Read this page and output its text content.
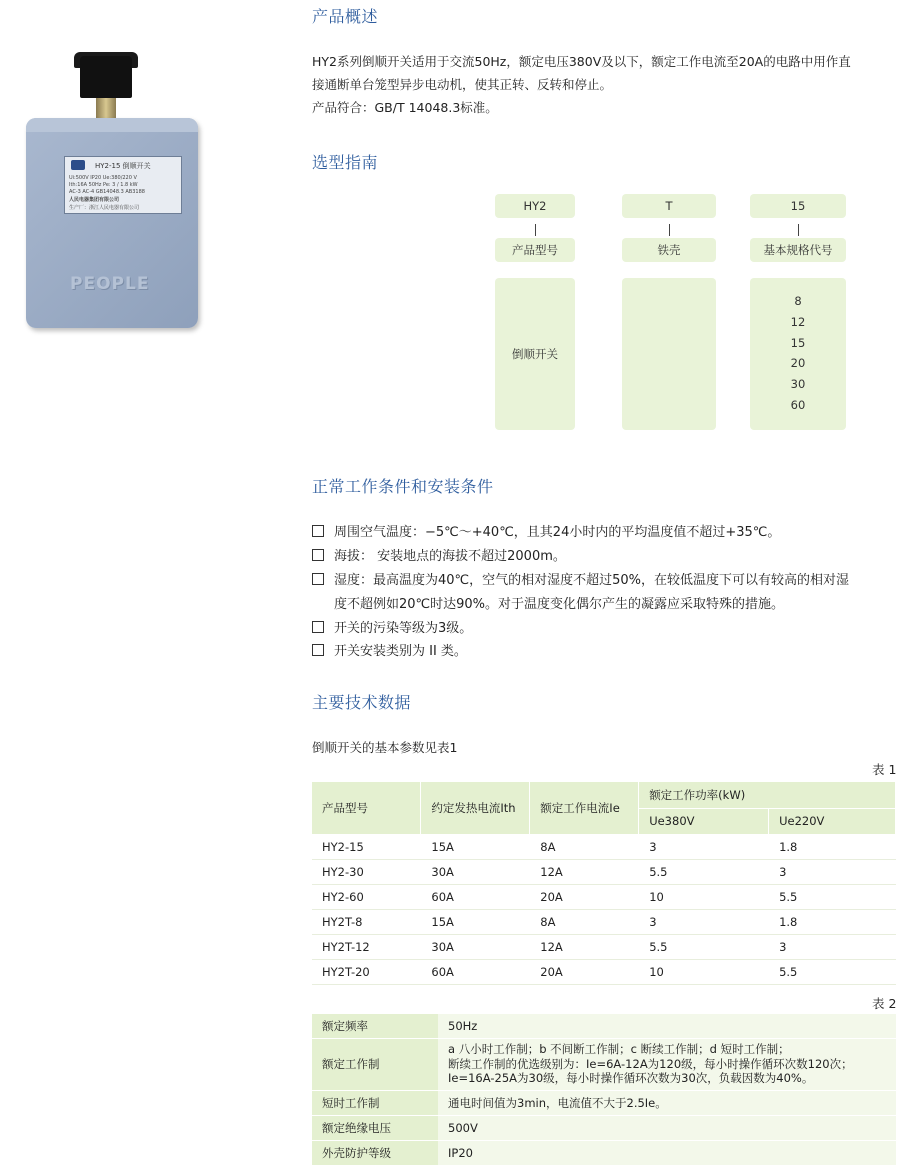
HY2-15 倒顺开关
Ui:500V IP20 Ue:380/220 V
Ith:16A 50Hz Pe: 3 / 1.8 kW
AC-3 AC-4 GB14048.3 AB3188
人民电器集团有限公司
生产厂：浙江人民电器有限公司
PEOPLE
产品概述
HY2系列倒顺开关适用于交流50Hz，额定电压380V及以下，额定工作电流至20A的电路中用作直
接通断单台笼型异步电动机，使其正转、反转和停止。
产品符合：GB/T 14048.3标准。
选型指南
HY2	T	15
产品型号	铁壳	基本规格代号
倒顺开关
8
12
15
20
30
60
正常工作条件和安装条件
周围空气温度：−5℃～+40℃，且其24小时内的平均温度值不超过+35℃。
海拔： 安装地点的海拔不超过2000m。
湿度：最高温度为40℃，空气的相对湿度不超过50%，在较低温度下可以有较高的相对湿
度不超例如20℃时达90%。对于温度变化偶尔产生的凝露应采取特殊的措施。
开关的污染等级为3级。
开关安装类别为 II 类。
主要技术数据
倒顺开关的基本参数见表1
表 1
产品型号	约定发热电流Ith	额定工作电流Ie	额定工作功率(kW)	
			Ue380V	Ue220V
HY2-15	15A	8A	3	1.8
HY2-30	30A	12A	5.5	3
HY2-60	60A	20A	10	5.5
HY2T-8	15A	8A	3	1.8
HY2T-12	30A	12A	5.5	3
HY2T-20	60A	20A	10	5.5
表 2
额定频率	50Hz
额定工作制	a 八小时工作制；b 不间断工作制；c 断续工作制；d 短时工作制；
断续工作制的优选级别为：Ie=6A-12A为120级，每小时操作循环次数120次；
Ie=16A-25A为30级，每小时操作循环次数为30次，负载因数为40%。

短时工作制	通电时间值为3min，电流值不大于2.5Ie。
额定绝缘电压	500V
外壳防护等级	IP20
